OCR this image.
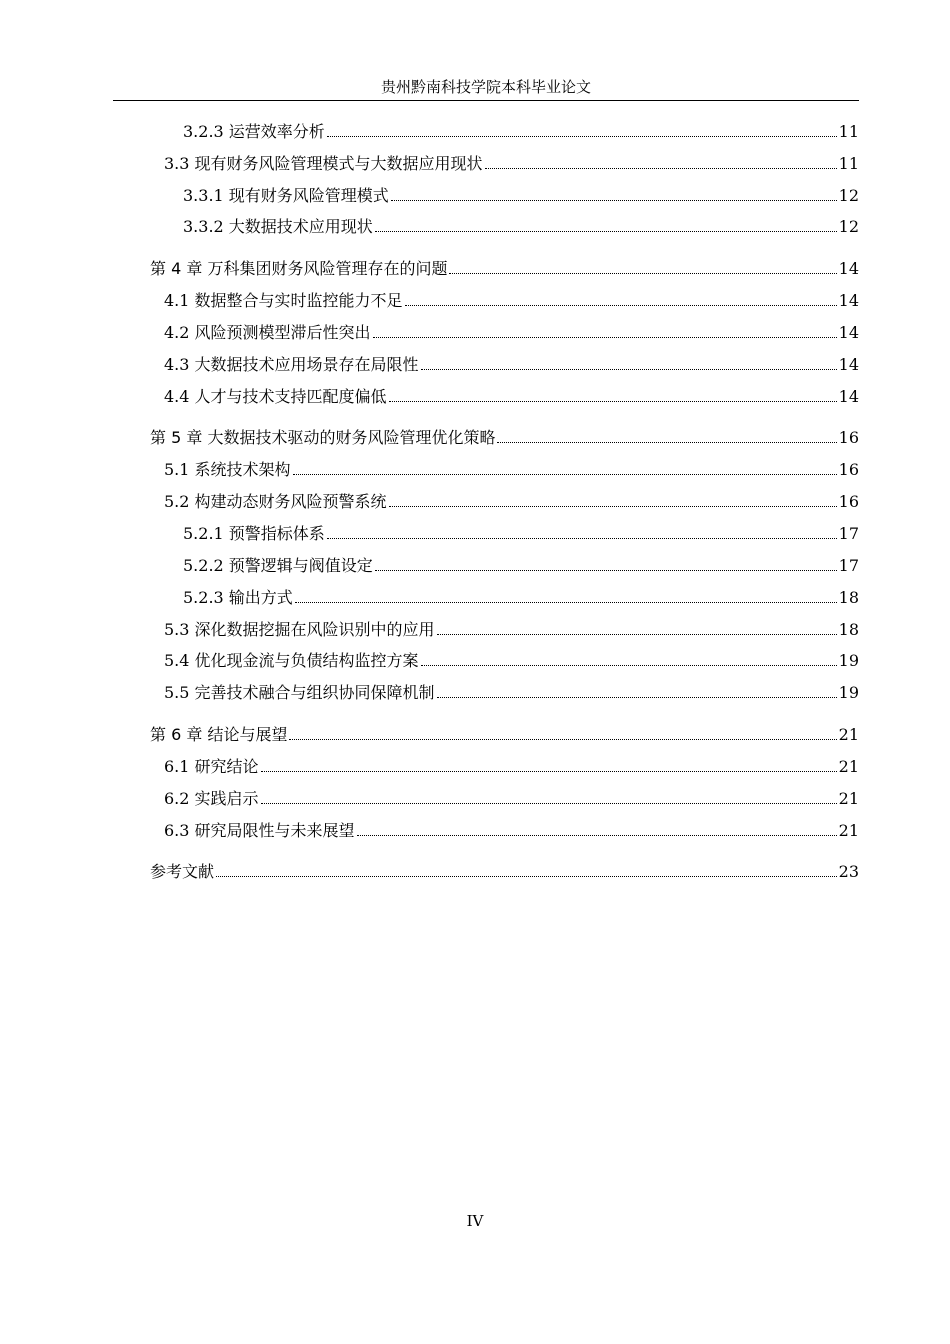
贵州黔南科技学院本科毕业论文
3.2.3 运营效率分析	11
3.3 现有财务风险管理模式与大数据应用现状	11
3.3.1 现有财务风险管理模式	12
3.3.2 大数据技术应用现状	12
第 4 章 万科集团财务风险管理存在的问题	14
4.1 数据整合与实时监控能力不足	14
4.2 风险预测模型滞后性突出	14
4.3 大数据技术应用场景存在局限性	14
4.4 人才与技术支持匹配度偏低	14
第 5 章 大数据技术驱动的财务风险管理优化策略	16
5.1 系统技术架构	16
5.2 构建动态财务风险预警系统	16
5.2.1 预警指标体系	17
5.2.2 预警逻辑与阀值设定	17
5.2.3 输出方式	18
5.3 深化数据挖掘在风险识别中的应用	18
5.4 优化现金流与负债结构监控方案	19
5.5 完善技术融合与组织协同保障机制	19
第 6 章 结论与展望	21
6.1 研究结论	21
6.2 实践启示	21
6.3 研究局限性与未来展望	21
参考文献	23
IV
